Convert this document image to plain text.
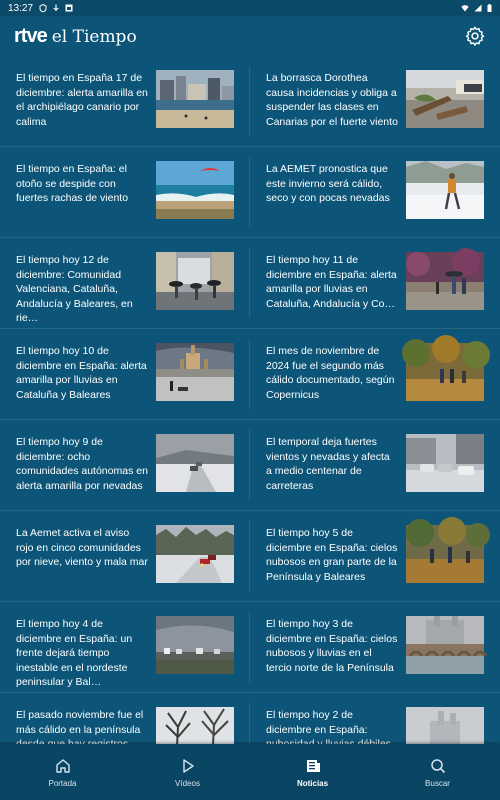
13:27
rtve el Tiempo
El tiempo en España 17 de diciembre: alerta amarilla en el archipiélago canario por calima
La borrasca Dorothea causa incidencias y obliga a suspender las clases en Canarias por el fuerte viento
El tiempo en España: el otoño se despide con fuertes rachas de viento
La AEMET pronostica que este invierno será cálido, seco y con pocas nevadas
El tiempo hoy 12 de diciembre: Comunidad Valenciana, Cataluña, Andalucía y Baleares, en rie…
El tiempo hoy 11 de diciembre en España: alerta amarilla por lluvias en Cataluña, Andalucía y Co…
El tiempo hoy 10 de diciembre en España: alerta amarilla por lluvias en Cataluña y Baleares
El mes de noviembre de 2024 fue el segundo más cálido documentado, según Copernicus
El tiempo hoy 9 de diciembre: ocho comunidades autónomas en alerta amarilla por nevadas
El temporal deja fuertes vientos y nevadas y afecta a medio centenar de carreteras
La Aemet activa el aviso rojo en cinco comunidades por nieve, viento y mala mar
El tiempo hoy 5 de diciembre en España: cielos nubosos en gran parte de la Península y Baleares
El tiempo hoy 4 de diciembre en España: un frente dejará tiempo inestable en el nordeste peninsular y Bal…
El tiempo hoy 3 de diciembre en España: cielos nubosos y lluvias en el tercio norte de la Península
El pasado noviembre fue el más cálido en la península
El tiempo hoy 2 de diciembre en España:
Portada	Vídeos	Noticias	Buscar
